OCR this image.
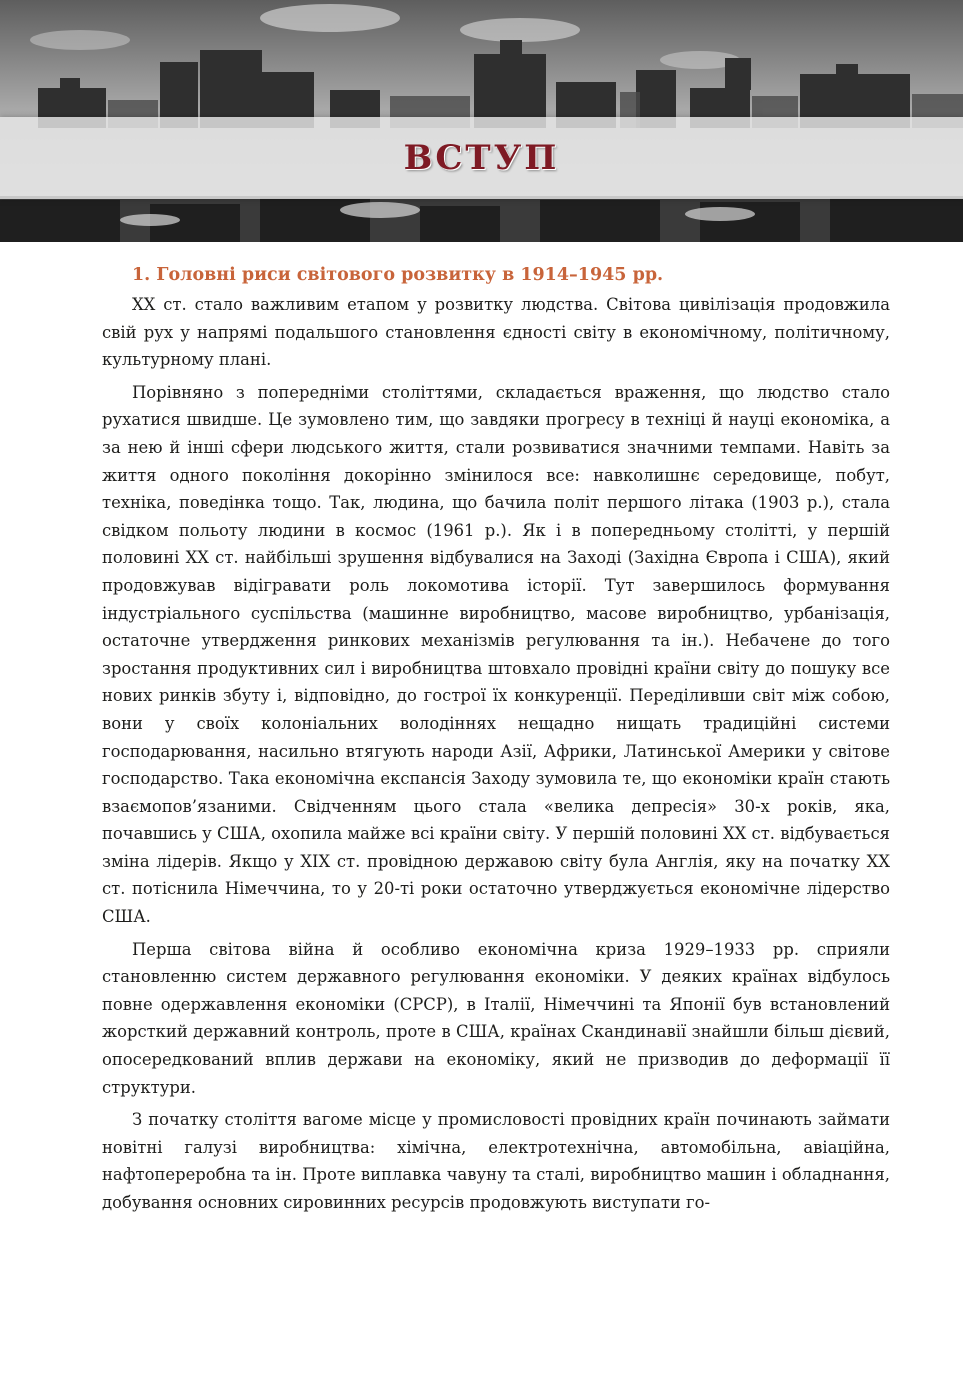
ВСТУП
1. Головні риси світового розвитку в 1914–1945 рр.

ХХ ст. стало важливим етапом у розвитку людства. Світова цивілізація продовжила свій рух у напрямі подальшого становлення єдності світу в економічному, політичному, культурному плані.

Порівняно з попередніми століттями, складається враження, що людство стало рухатися швидше. Це зумовлено тим, що завдяки прогресу в техніці й науці економіка, а за нею й інші сфери людського життя, стали розвиватися значними темпами. Навіть за життя одного покоління докорінно змінилося все: навколишнє середовище, побут, техніка, поведінка тощо. Так, людина, що бачила політ першого літака (1903 р.), стала свідком польоту людини в космос (1961 р.). Як і в попередньому столітті, у першій половині ХХ ст. найбільші зрушення відбувалися на Заході (Західна Європа і США), який продовжував відігравати роль локомотива історії. Тут завершилось формування індустріального суспільства (машинне виробництво, масове виробництво, урбанізація, остаточне утвердження ринкових механізмів регулювання та ін.). Небачене до того зростання продуктивних сил і виробництва штовхало провідні країни світу до пошуку все нових ринків збуту і, відповідно, до гострої їх конкуренції. Переділивши світ між собою, вони у своїх колоніальних володіннях нещадно нищать традиційні системи господарювання, насильно втягують народи Азії, Африки, Латинської Америки у світове господарство. Така економічна експансія Заходу зумовила те, що економіки країн стають взаємопов’язаними. Свідченням цього стала «велика депресія» 30-х років, яка, почавшись у США, охопила майже всі країни світу. У першій половині ХХ ст. відбувається зміна лідерів. Якщо у ХІХ ст. провідною державою світу була Англія, яку на початку ХХ ст. потіснила Німеччина, то у 20-ті роки остаточно утверджується економічне лідерство США.

Перша світова війна й особливо економічна криза 1929–1933 рр. сприяли становленню систем державного регулювання економіки. У деяких країнах відбулось повне одержавлення економіки (СРСР), в Італії, Німеччині та Японії був встановлений жорсткий державний контроль, проте в США, країнах Скандинавії знайшли більш дієвий, опосередкований вплив держави на економіку, який не призводив до деформації її структури.

З початку століття вагоме місце у промисловості провідних країн починають займати новітні галузі виробництва: хімічна, електротехнічна, автомобільна, авіаційна, нафтопереробна та ін. Проте виплавка чавуну та сталі, виробництво машин і обладнання, добування основних сировинних ресурсів продовжують виступати го-
